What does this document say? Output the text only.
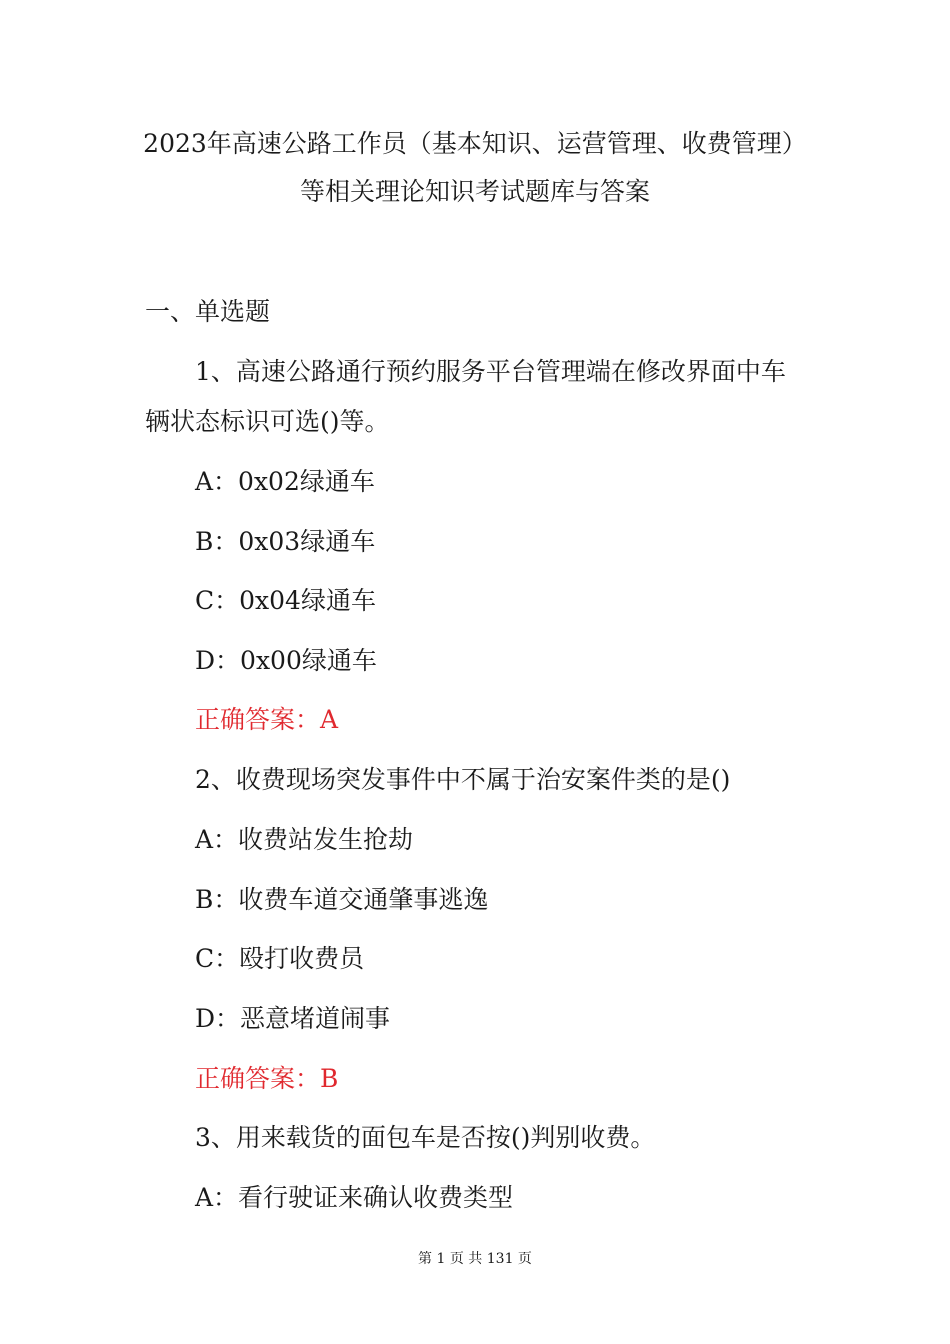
2023年高速公路工作员（基本知识、运营管理、收费管理）
等相关理论知识考试题库与答案
一、单选题
1、高速公路通行预约服务平台管理端在修改界面中车
辆状态标识可选()等。
A：0x02绿通车
B：0x03绿通车
C：0x04绿通车
D：0x00绿通车
正确答案：A
2、收费现场突发事件中不属于治安案件类的是()
A：收费站发生抢劫
B：收费车道交通肇事逃逸
C：殴打收费员
D：恶意堵道闹事
正确答案：B
3、用来载货的面包车是否按()判别收费。
A：看行驶证来确认收费类型
第 1 页 共 131 页
